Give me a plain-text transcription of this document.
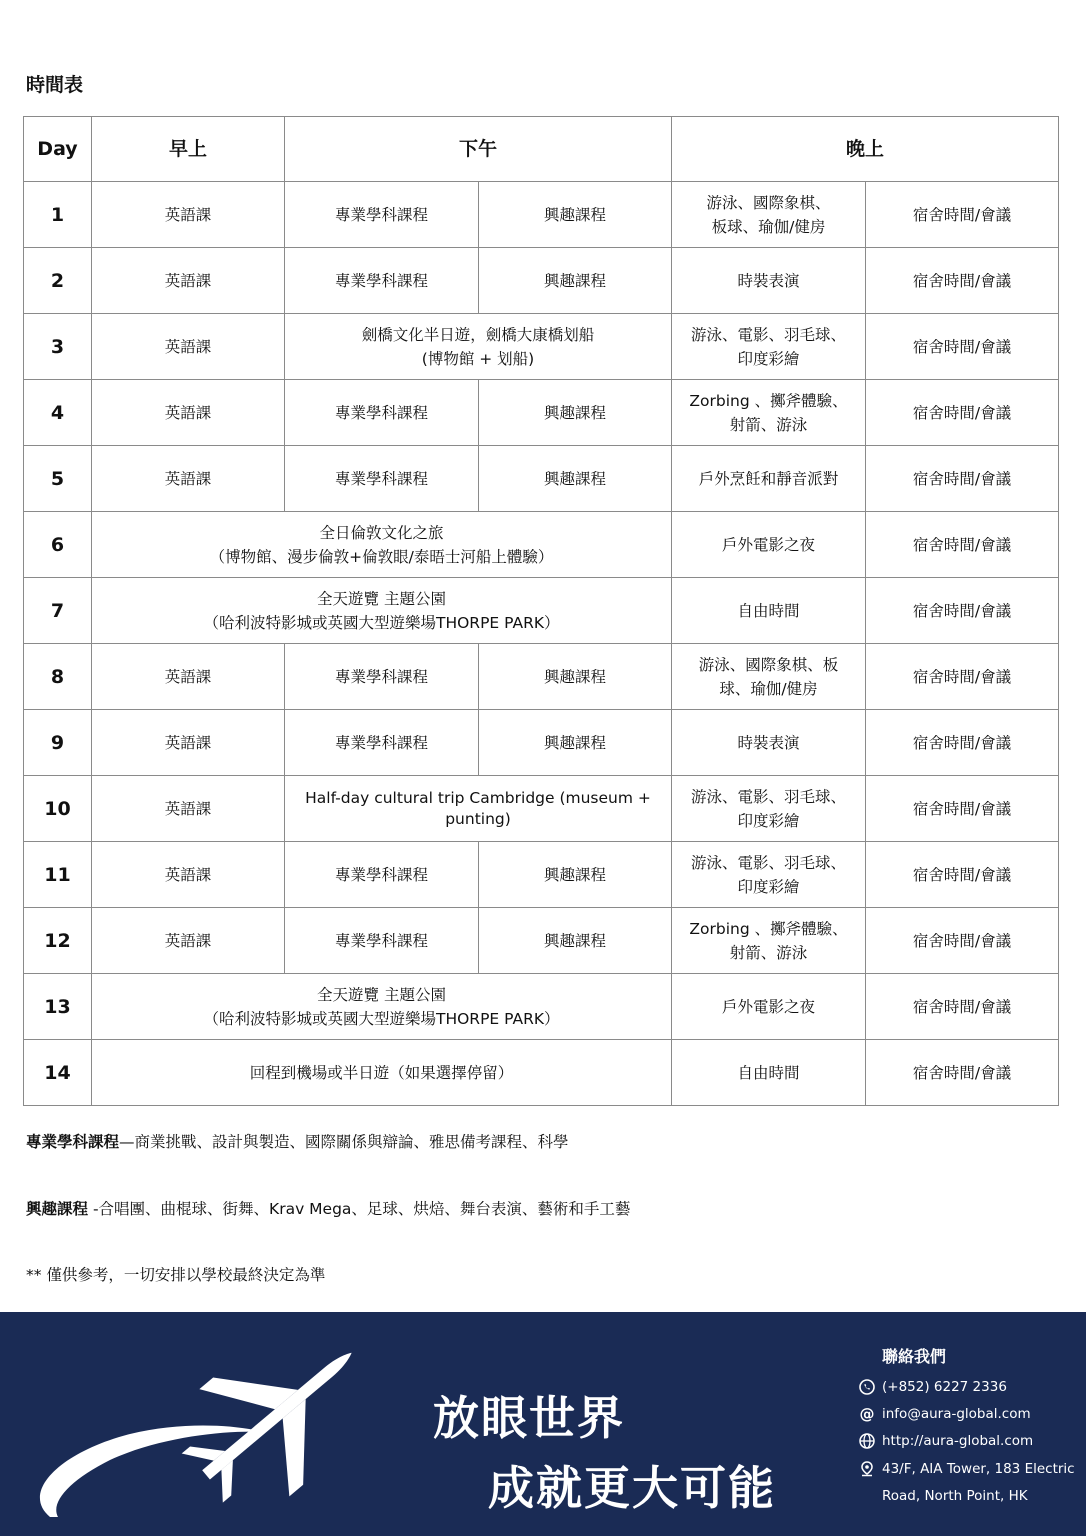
時間表
Day	早上	下午		晚上	
1	英語課	專業學科課程	興趣課程	游泳、國際象棋、
板球、瑜伽/健房	宿舍時間/會議
2	英語課	專業學科課程	興趣課程	時裝表演	宿舍時間/會議
3	英語課	劍橋文化半日遊，劍橋大康橋划船
(博物館 + 划船)		游泳、電影、羽毛球、
印度彩繪	宿舍時間/會議
4	英語課	專業學科課程	興趣課程	Zorbing 、擲斧體驗、
射箭、游泳	宿舍時間/會議
5	英語課	專業學科課程	興趣課程	戶外烹飪和靜音派對	宿舍時間/會議
6	全日倫敦文化之旅
（博物館、漫步倫敦+倫敦眼/泰晤士河船上體驗）			戶外電影之夜	宿舍時間/會議
7	全天遊覽 主題公園
（哈利波特影城或英國大型遊樂場THORPE PARK）			自由時間	宿舍時間/會議
8	英語課	專業學科課程	興趣課程	游泳、國際象棋、板
球、瑜伽/健房	宿舍時間/會議
9	英語課	專業學科課程	興趣課程	時裝表演	宿舍時間/會議
10	英語課	Half-day cultural trip Cambridge (museum +
punting)		游泳、電影、羽毛球、
印度彩繪	宿舍時間/會議
11	英語課	專業學科課程	興趣課程	游泳、電影、羽毛球、
印度彩繪	宿舍時間/會議
12	英語課	專業學科課程	興趣課程	Zorbing 、擲斧體驗、
射箭、游泳	宿舍時間/會議
13	全天遊覽 主題公園
（哈利波特影城或英國大型遊樂場THORPE PARK）			戶外電影之夜	宿舍時間/會議
14	回程到機場或半日遊（如果選擇停留）			自由時間	宿舍時間/會議
專業學科課程—商業挑戰、設計與製造、國際關係與辯論、雅思備考課程、科學
興趣課程 -合唱團、曲棍球、街舞、Krav Mega、足球、烘焙、舞台表演、藝術和手工藝
** 僅供參考，一切安排以學校最終決定為準
放眼世界
成就更大可能
聯絡我們
(+852) 6227 2336
@ info@aura-global.com
http://aura-global.com
43/F, AIA Tower, 183 Electric
Road, North Point, HK
